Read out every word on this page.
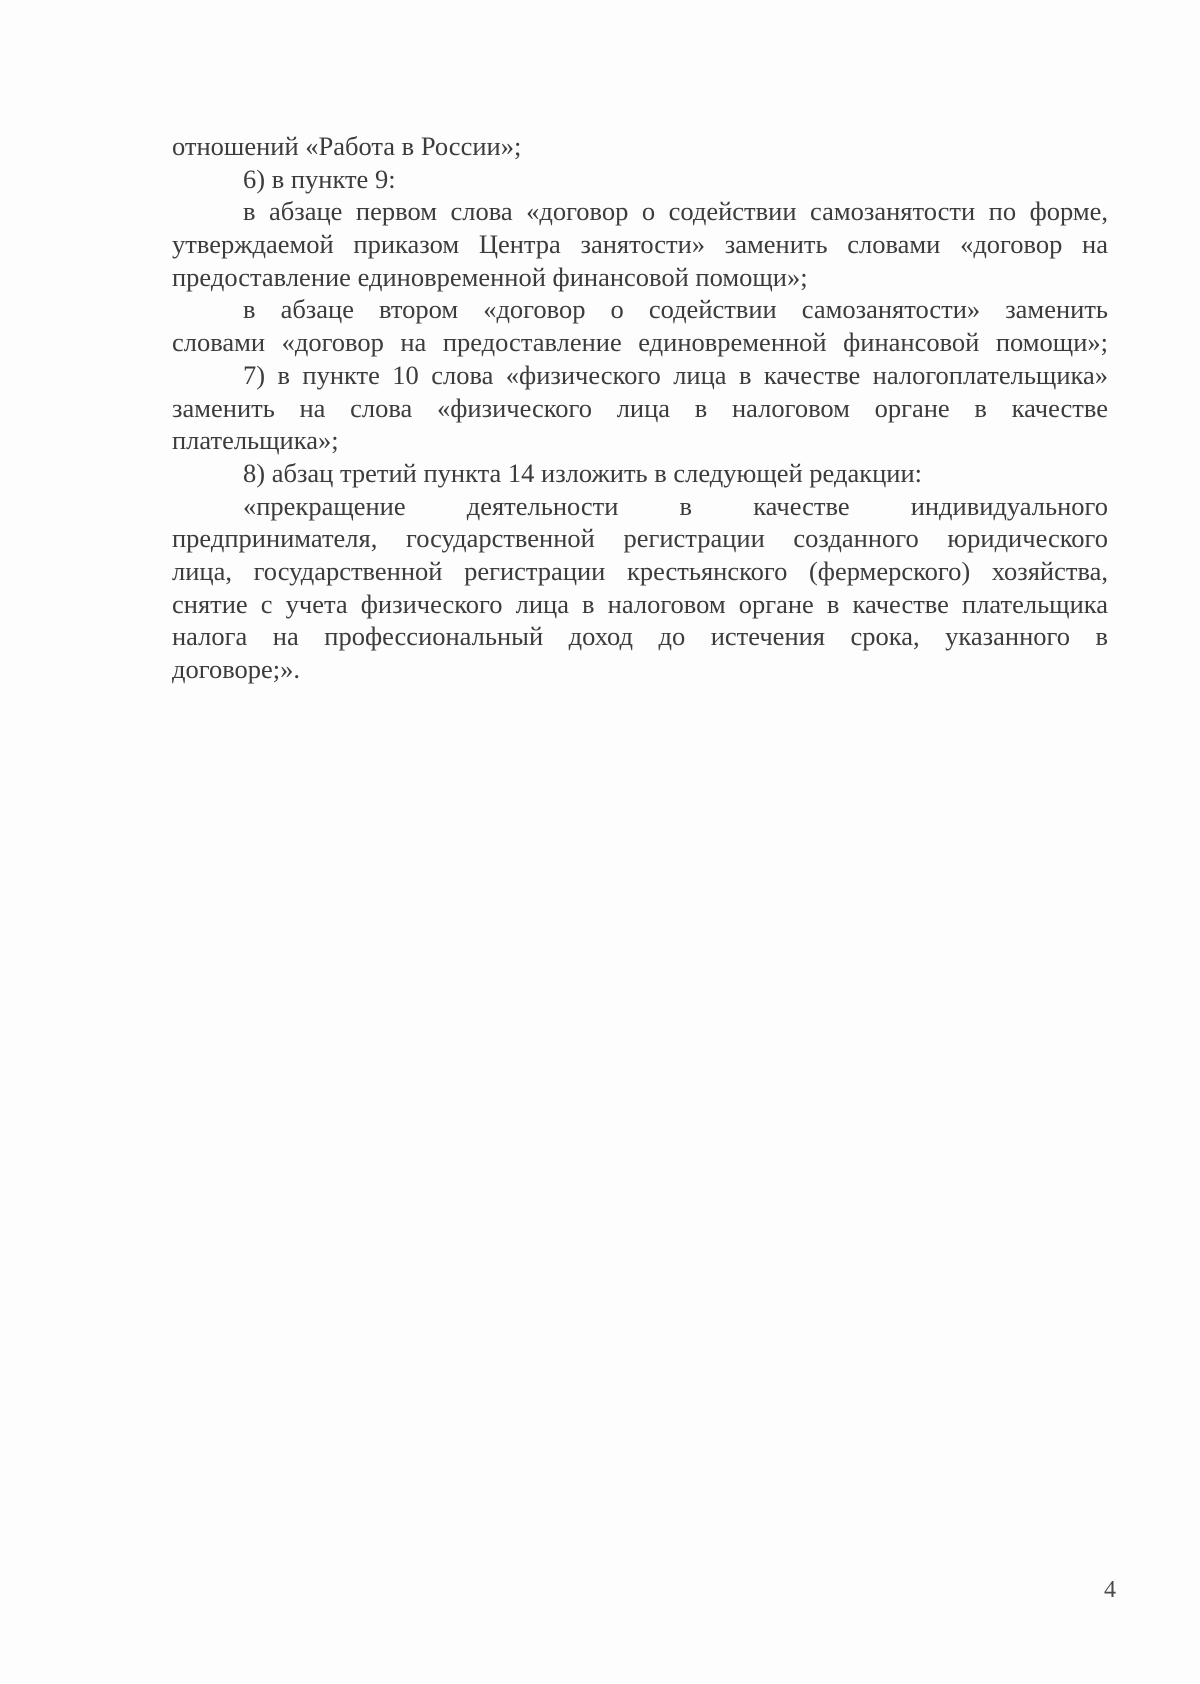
отношений «Работа в России»;
6) в пункте 9:
в абзаце первом слова «договор о содействии самозанятости по форме,
утверждаемой приказом Центра занятости» заменить словами «договор на
предоставление единовременной финансовой помощи»;
в абзаце втором «договор о содействии самозанятости» заменить
словами «договор на предоставление единовременной финансовой помощи»;
7) в пункте 10 слова «физического лица в качестве налогоплательщика»
заменить на слова «физического лица в налоговом органе в качестве
плательщика»;
8) абзац третий пункта 14 изложить в следующей редакции:
«прекращение деятельности в качестве индивидуального
предпринимателя, государственной регистрации созданного юридического
лица, государственной регистрации крестьянского (фермерского) хозяйства,
снятие с учета физического лица в налоговом органе в качестве плательщика
налога на профессиональный доход до истечения срока, указанного в
договоре;».
4
